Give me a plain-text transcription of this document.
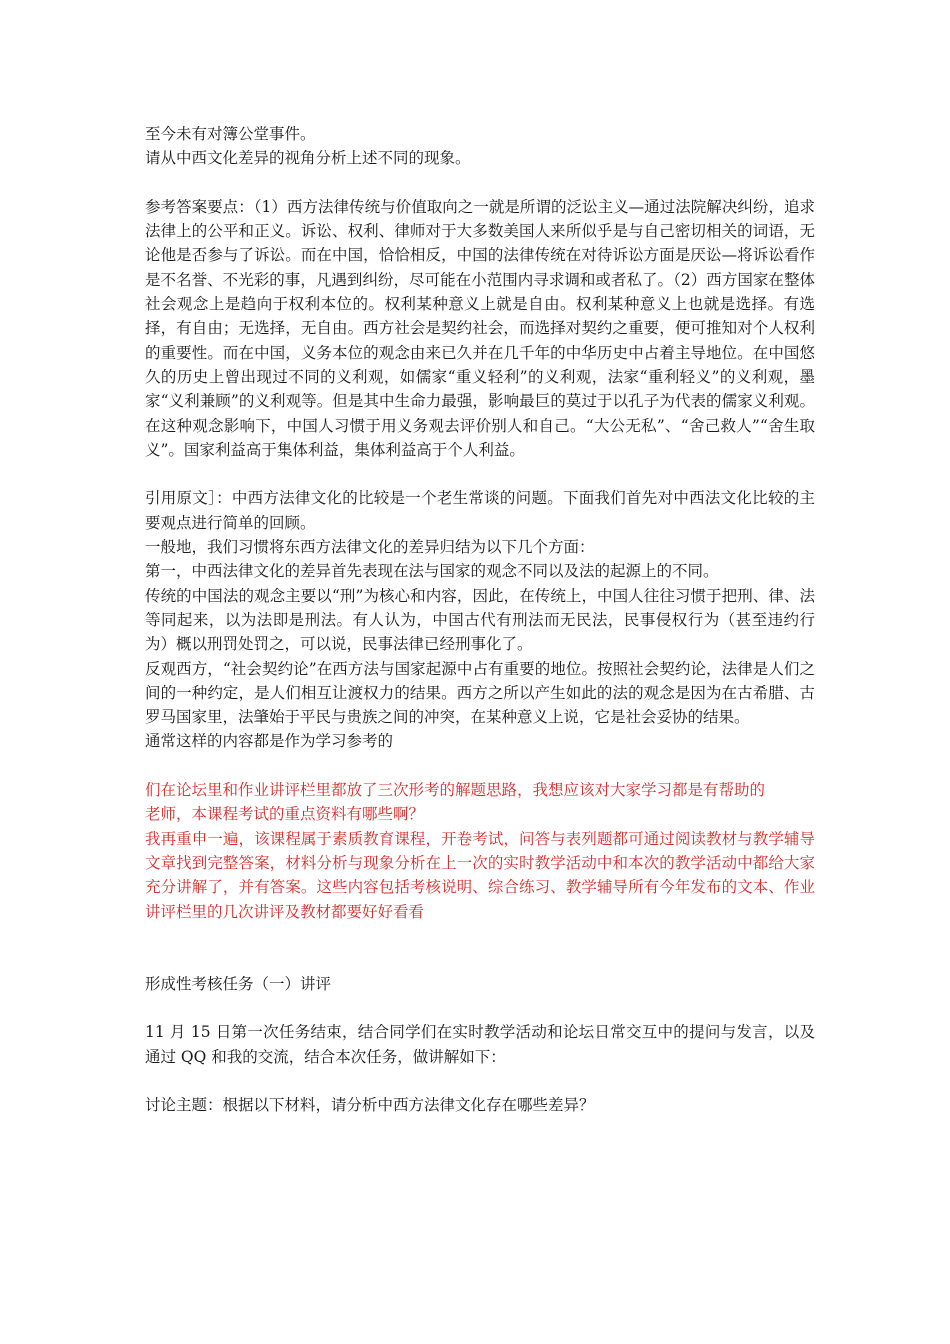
至今未有对簿公堂事件。

请从中西文化差异的视角分析上述不同的现象。

参考答案要点：（1）西方法律传统与价值取向之一就是所谓的泛讼主义—通过法院解决纠纷，追求法律上的公平和正义。诉讼、权利、律师对于大多数美国人来所似乎是与自己密切相关的词语，无论他是否参与了诉讼。而在中国，恰恰相反，中国的法律传统在对待诉讼方面是厌讼—将诉讼看作是不名誉、不光彩的事，凡遇到纠纷，尽可能在小范围内寻求调和或者私了。（2）西方国家在整体社会观念上是趋向于权利本位的。权利某种意义上就是自由。权利某种意义上也就是选择。有选择，有自由；无选择，无自由。西方社会是契约社会，而选择对契约之重要，便可推知对个人权利的重要性。而在中国，义务本位的观念由来已久并在几千年的中华历史中占着主导地位。在中国悠久的历史上曾出现过不同的义利观，如儒家“重义轻利”的义利观，法家“重利轻义”的义利观，墨家“义利兼顾”的义利观等。但是其中生命力最强，影响最巨的莫过于以孔子为代表的儒家义利观。在这种观念影响下，中国人习惯于用义务观去评价别人和自己。“大公无私”、“舍己救人”“舍生取义”。国家利益高于集体利益，集体利益高于个人利益。

引用原文］：中西方法律文化的比较是一个老生常谈的问题。下面我们首先对中西法文化比较的主要观点进行简单的回顾。

一般地，我们习惯将东西方法律文化的差异归结为以下几个方面：

第一，中西法律文化的差异首先表现在法与国家的观念不同以及法的起源上的不同。

传统的中国法的观念主要以“刑”为核心和内容，因此，在传统上，中国人往往习惯于把刑、律、法等同起来，以为法即是刑法。有人认为，中国古代有刑法而无民法，民事侵权行为（甚至违约行为）概以刑罚处罚之，可以说，民事法律已经刑事化了。

反观西方，“社会契约论”在西方法与国家起源中占有重要的地位。按照社会契约论，法律是人们之间的一种约定，是人们相互让渡权力的结果。西方之所以产生如此的法的观念是因为在古希腊、古罗马国家里，法肇始于平民与贵族之间的冲突，在某种意义上说，它是社会妥协的结果。

通常这样的内容都是作为学习参考的

们在论坛里和作业讲评栏里都放了三次形考的解题思路，我想应该对大家学习都是有帮助的

老师，本课程考试的重点资料有哪些啊？

我再重申一遍，该课程属于素质教育课程，开卷考试，问答与表列题都可通过阅读教材与教学辅导文章找到完整答案，材料分析与现象分析在上一次的实时教学活动中和本次的教学活动中都给大家充分讲解了，并有答案。这些内容包括考核说明、综合练习、教学辅导所有今年发布的文本、作业讲评栏里的几次讲评及教材都要好好看看

形成性考核任务（一）讲评

11 月 15 日第一次任务结束，结合同学们在实时教学活动和论坛日常交互中的提问与发言，以及通过 QQ 和我的交流，结合本次任务，做讲解如下：

讨论主题：根据以下材料，请分析中西方法律文化存在哪些差异？
